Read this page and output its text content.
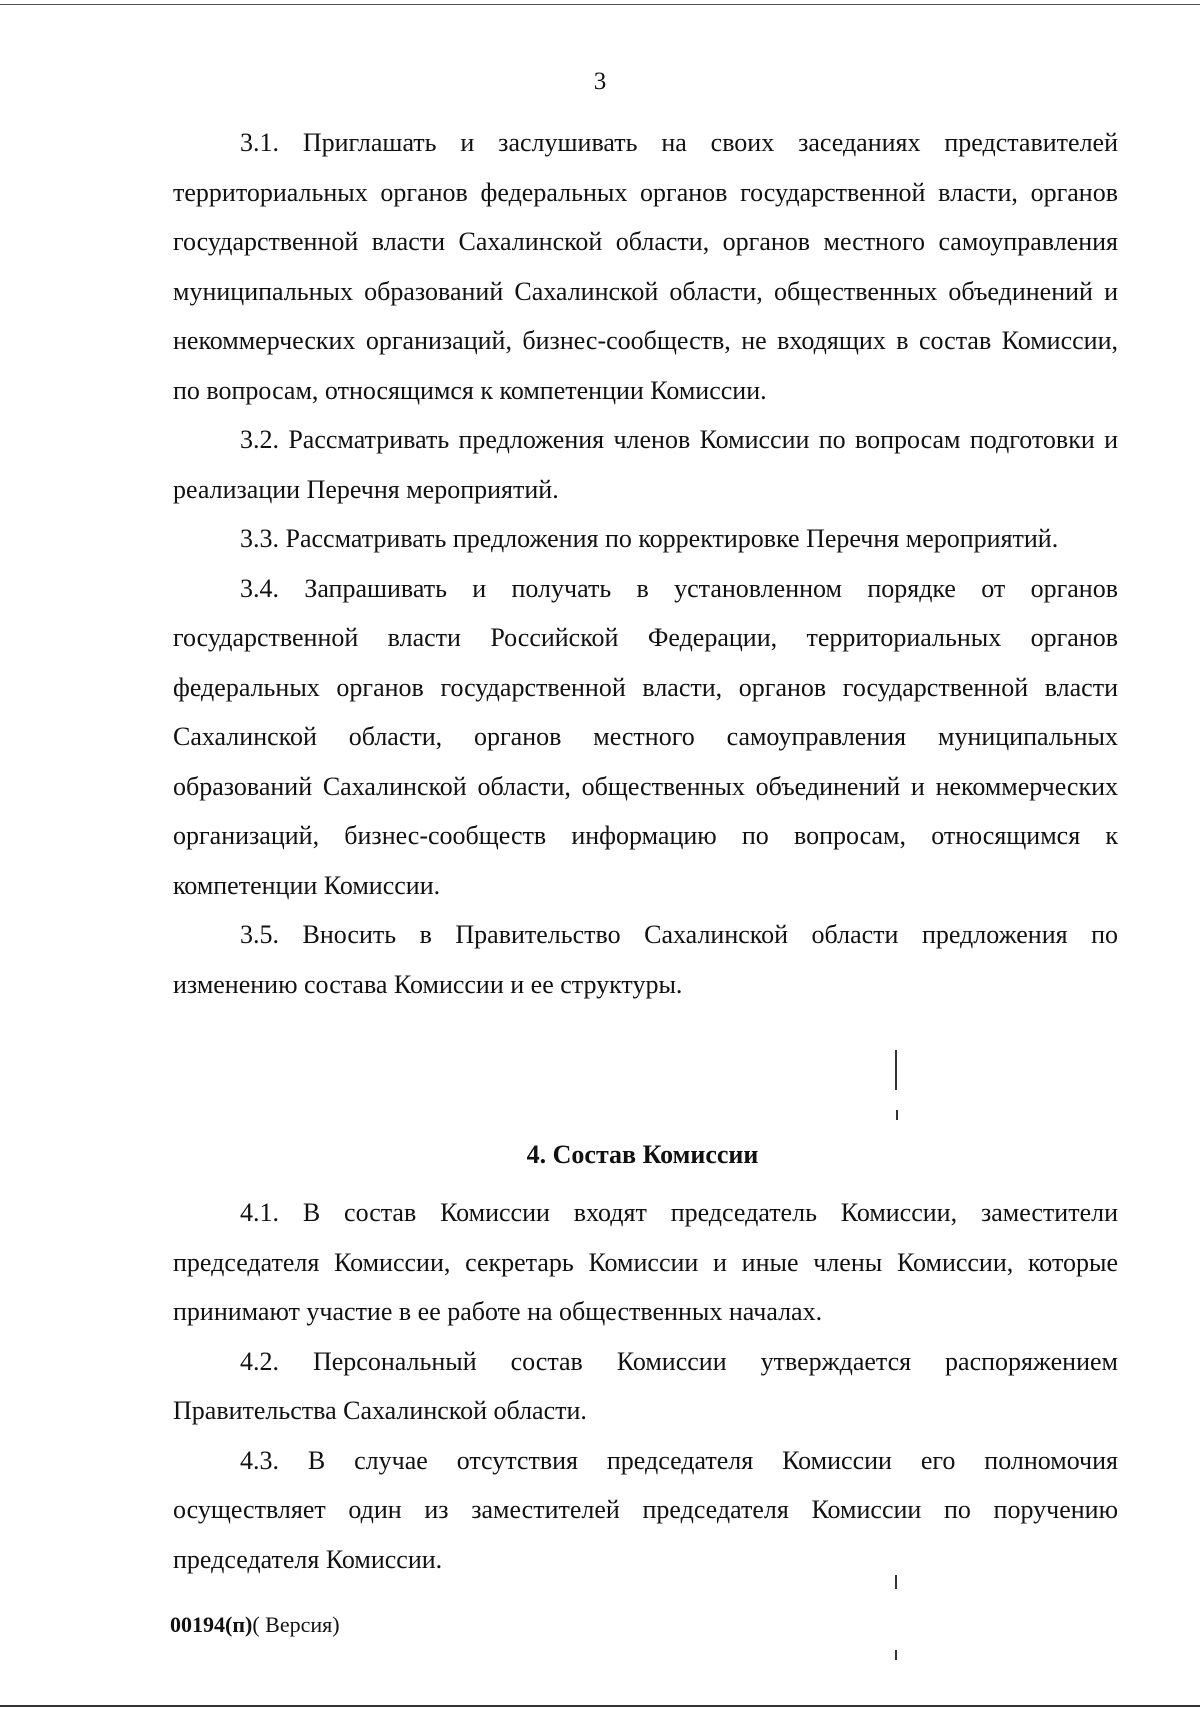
3

3.1. Приглашать и заслушивать на своих заседаниях представителей территориальных органов федеральных органов государственной власти, органов государственной власти Сахалинской области, органов местного самоуправления муниципальных образований Сахалинской области, общественных объединений и некоммерческих организаций, бизнес-сообществ, не входящих в состав Комиссии, по вопросам, относящимся к компетенции Комиссии.

3.2. Рассматривать предложения членов Комиссии по вопросам подготовки и реализации Перечня мероприятий.

3.3. Рассматривать предложения по корректировке Перечня мероприятий.

3.4. Запрашивать и получать в установленном порядке от органов государственной власти Российской Федерации, территориальных органов федеральных органов государственной власти, органов государственной власти Сахалинской области, органов местного самоуправления муниципальных образований Сахалинской области, общественных объединений и некоммерческих организаций, бизнес-сообществ информацию по вопросам, относящимся к компетенции Комиссии.

3.5. Вносить в Правительство Сахалинской области предложения по изменению состава Комиссии и ее структуры.

4. Состав Комиссии

4.1. В состав Комиссии входят председатель Комиссии, заместители председателя Комиссии, секретарь Комиссии и иные члены Комиссии, которые принимают участие в ее работе на общественных началах.

4.2. Персональный состав Комиссии утверждается распоряжением Правительства Сахалинской области.

4.3. В случае отсутствия председателя Комиссии его полномочия осуществляет один из заместителей председателя Комиссии по поручению председателя Комиссии.

00194(п)( Версия)
